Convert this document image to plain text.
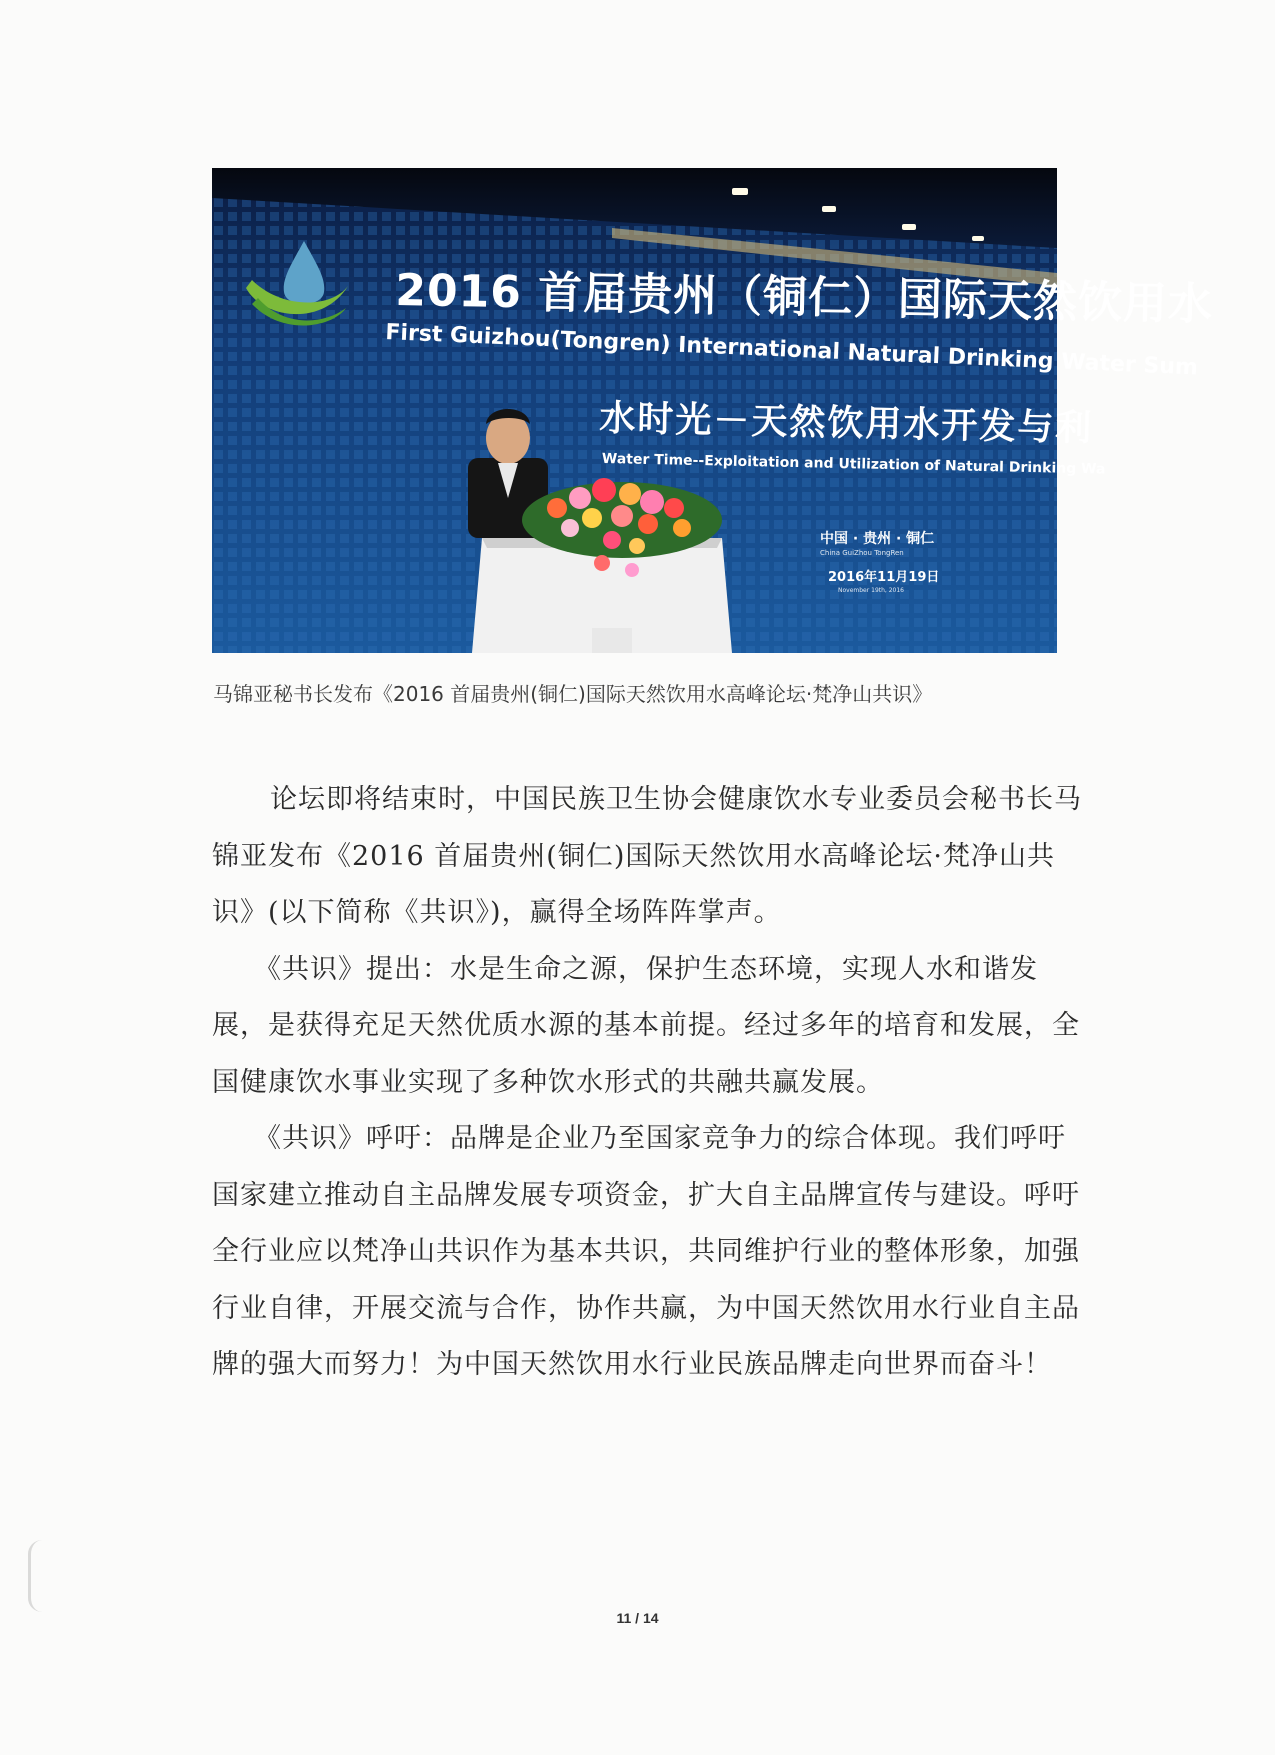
2016 首届贵州（铜仁）国际天然饮用水
First Guizhou(Tongren) International Natural Drinking Water Sum
水时光－天然饮用水开发与利
Water Time--Exploitation and Utilization of Natural Drinking Wa
中国 · 贵州 · 铜仁
China GuiZhou TongRen
2016年11月19日
November 19th, 2016
马锦亚秘书长发布《2016 首届贵州(铜仁)国际天然饮用水高峰论坛·梵净山共识》

论坛即将结束时，中国民族卫生协会健康饮水专业委员会秘书长马锦亚发布《2016 首届贵州(铜仁)国际天然饮用水高峰论坛·梵净山共识》(以下简称《共识》)，赢得全场阵阵掌声。

《共识》提出：水是生命之源，保护生态环境，实现人水和谐发展，是获得充足天然优质水源的基本前提。经过多年的培育和发展，全国健康饮水事业实现了多种饮水形式的共融共赢发展。

《共识》呼吁：品牌是企业乃至国家竞争力的综合体现。我们呼吁国家建立推动自主品牌发展专项资金，扩大自主品牌宣传与建设。呼吁全行业应以梵净山共识作为基本共识，共同维护行业的整体形象，加强行业自律，开展交流与合作，协作共赢，为中国天然饮用水行业自主品牌的强大而努力！为中国天然饮用水行业民族品牌走向世界而奋斗！

11 / 14
